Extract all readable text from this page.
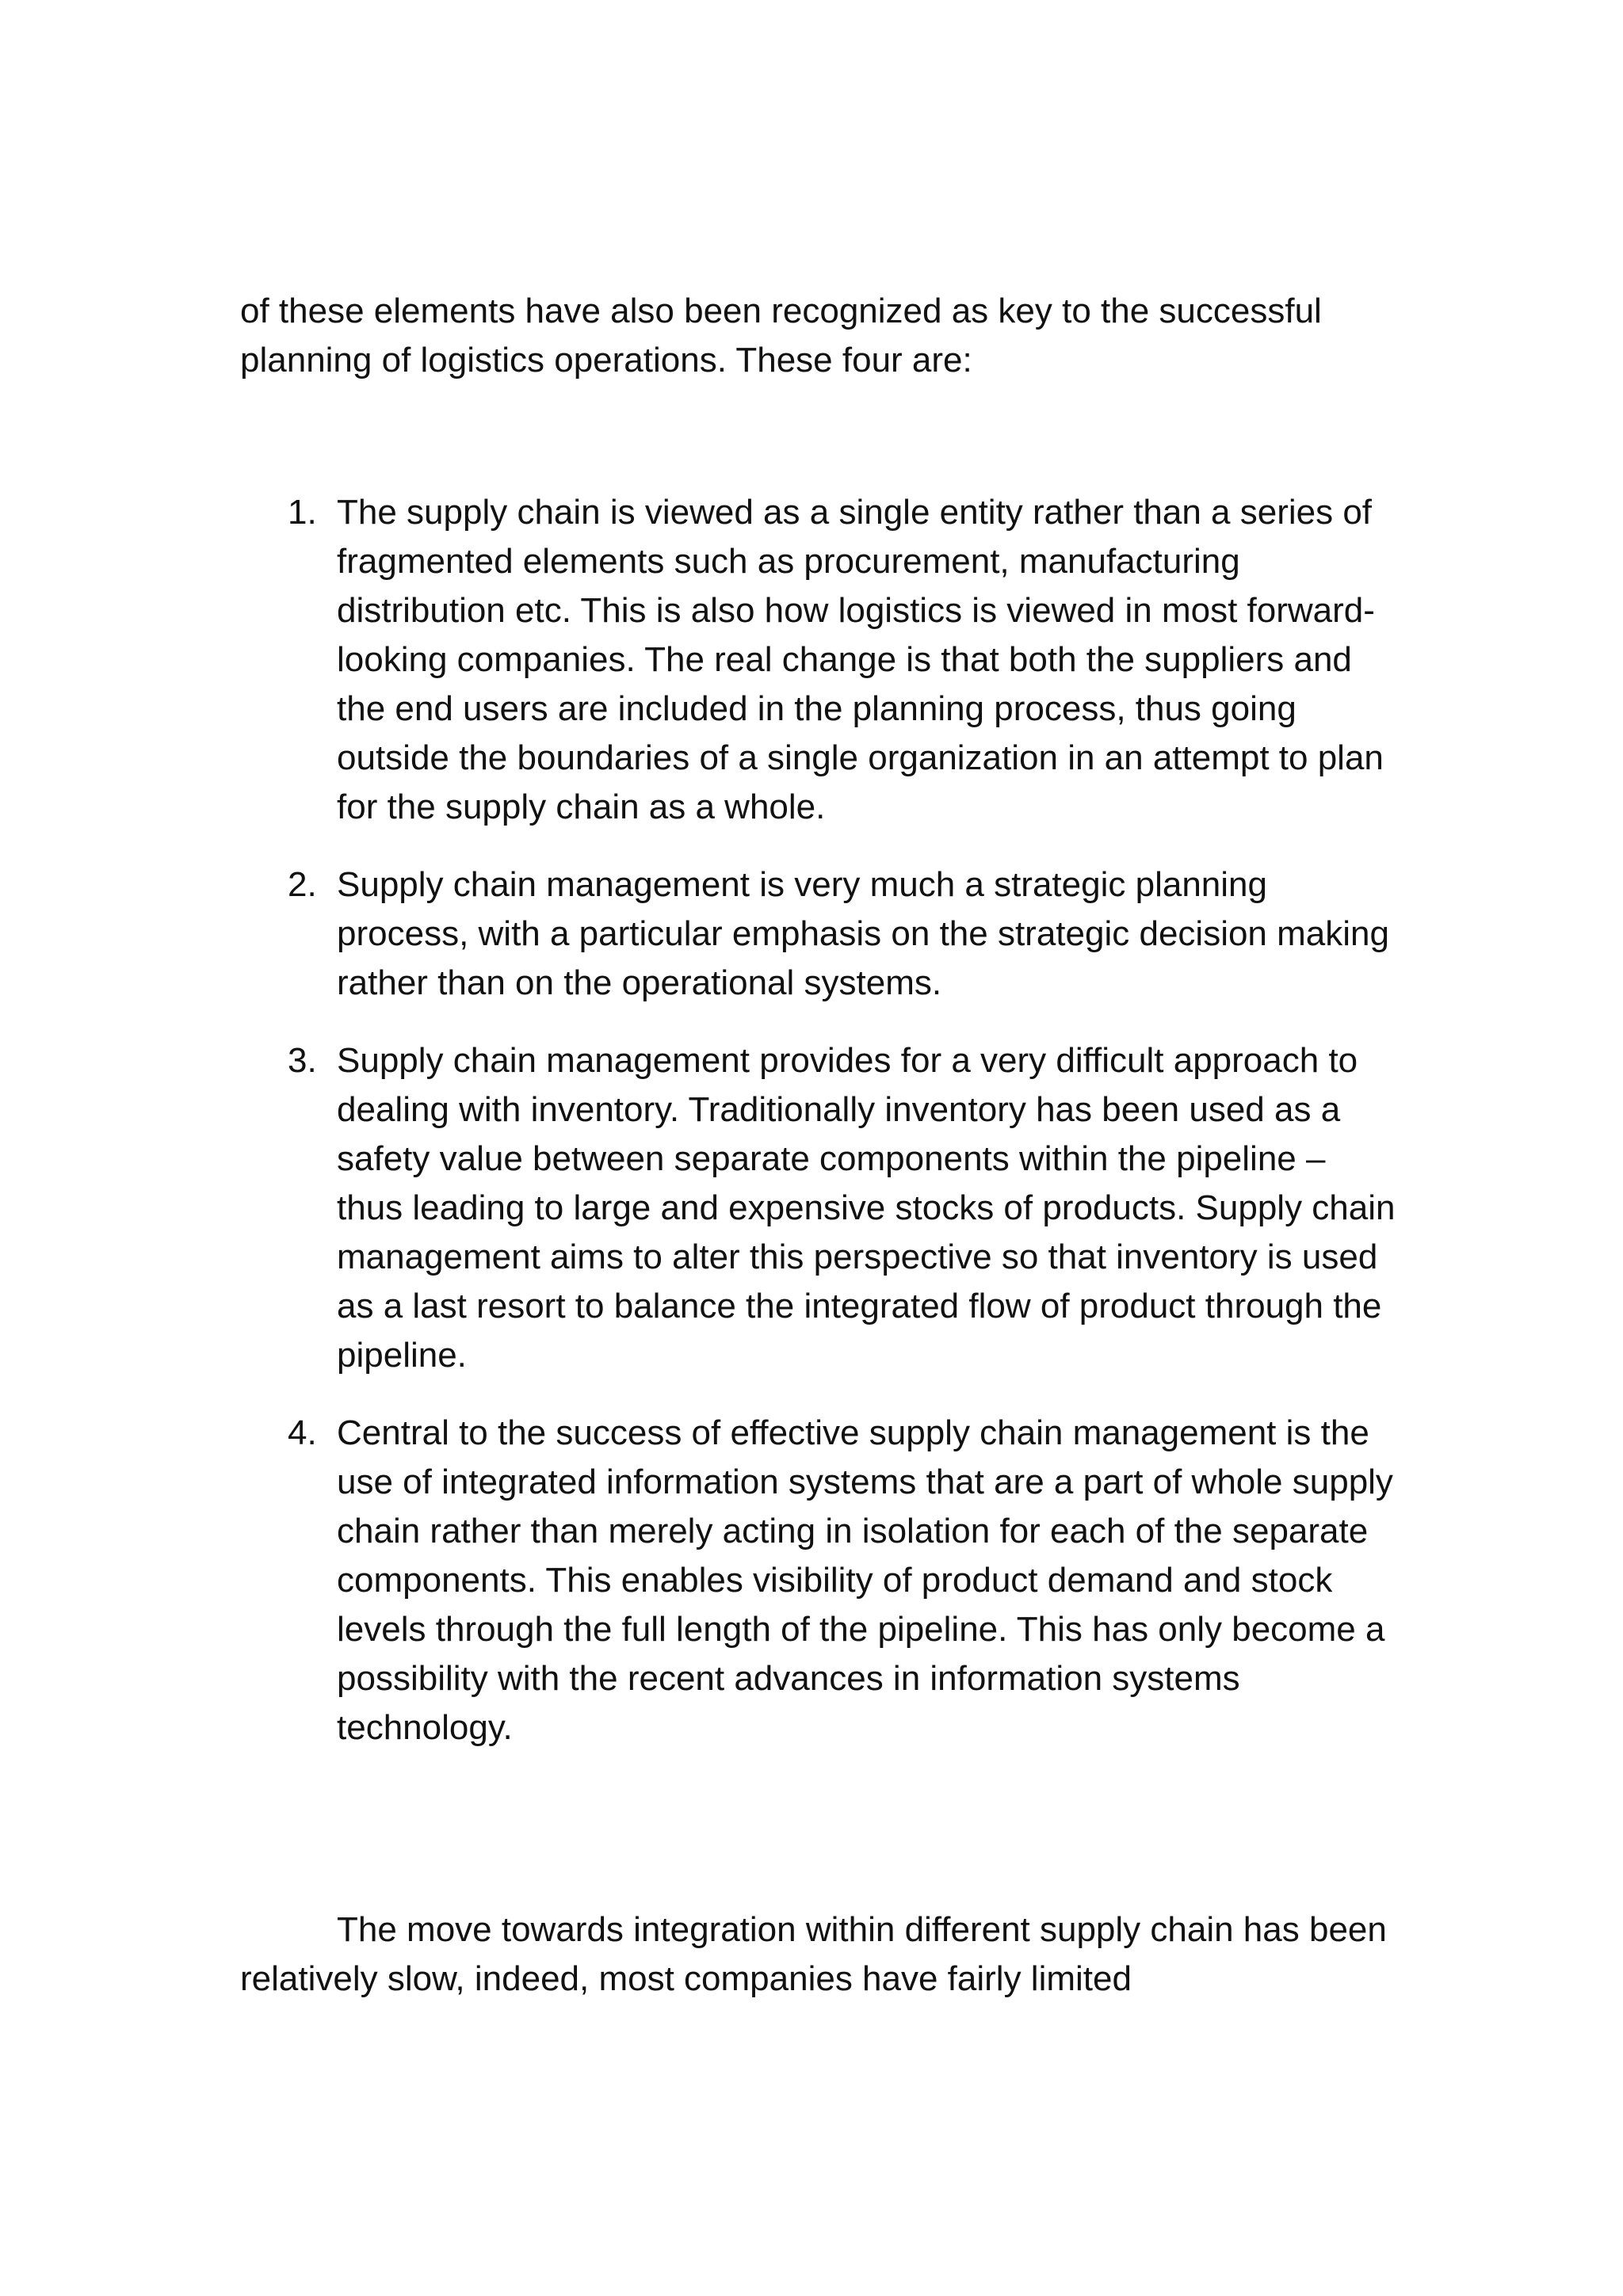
of these elements have also been recognized as key to the successful planning of logistics operations. These four are:

1. The supply chain is viewed as a single entity rather than a series of fragmented elements such as procurement, manufacturing distribution etc. This is also how logistics is viewed in most forward-looking companies. The real change is that both the suppliers and the end users are included in the planning process, thus going outside the boundaries of a single organization in an attempt to plan for the supply chain as a whole.
2. Supply chain management is very much a strategic planning process, with a particular emphasis on the strategic decision making rather than on the operational systems.
3. Supply chain management provides for a very difficult approach to dealing with inventory. Traditionally inventory has been used as a safety value between separate components within the pipeline – thus leading to large and expensive stocks of products. Supply chain management aims to alter this perspective so that inventory is used as a last resort to balance the integrated flow of product through the pipeline.
4. Central to the success of effective supply chain management is the use of integrated information systems that are a part of whole supply chain rather than merely acting in isolation for each of the separate components. This enables visibility of product demand and stock levels through the full length of the pipeline. This has only become a possibility with the recent advances in information systems technology.

The move towards integration within different supply chain has been relatively slow, indeed, most companies have fairly limited
